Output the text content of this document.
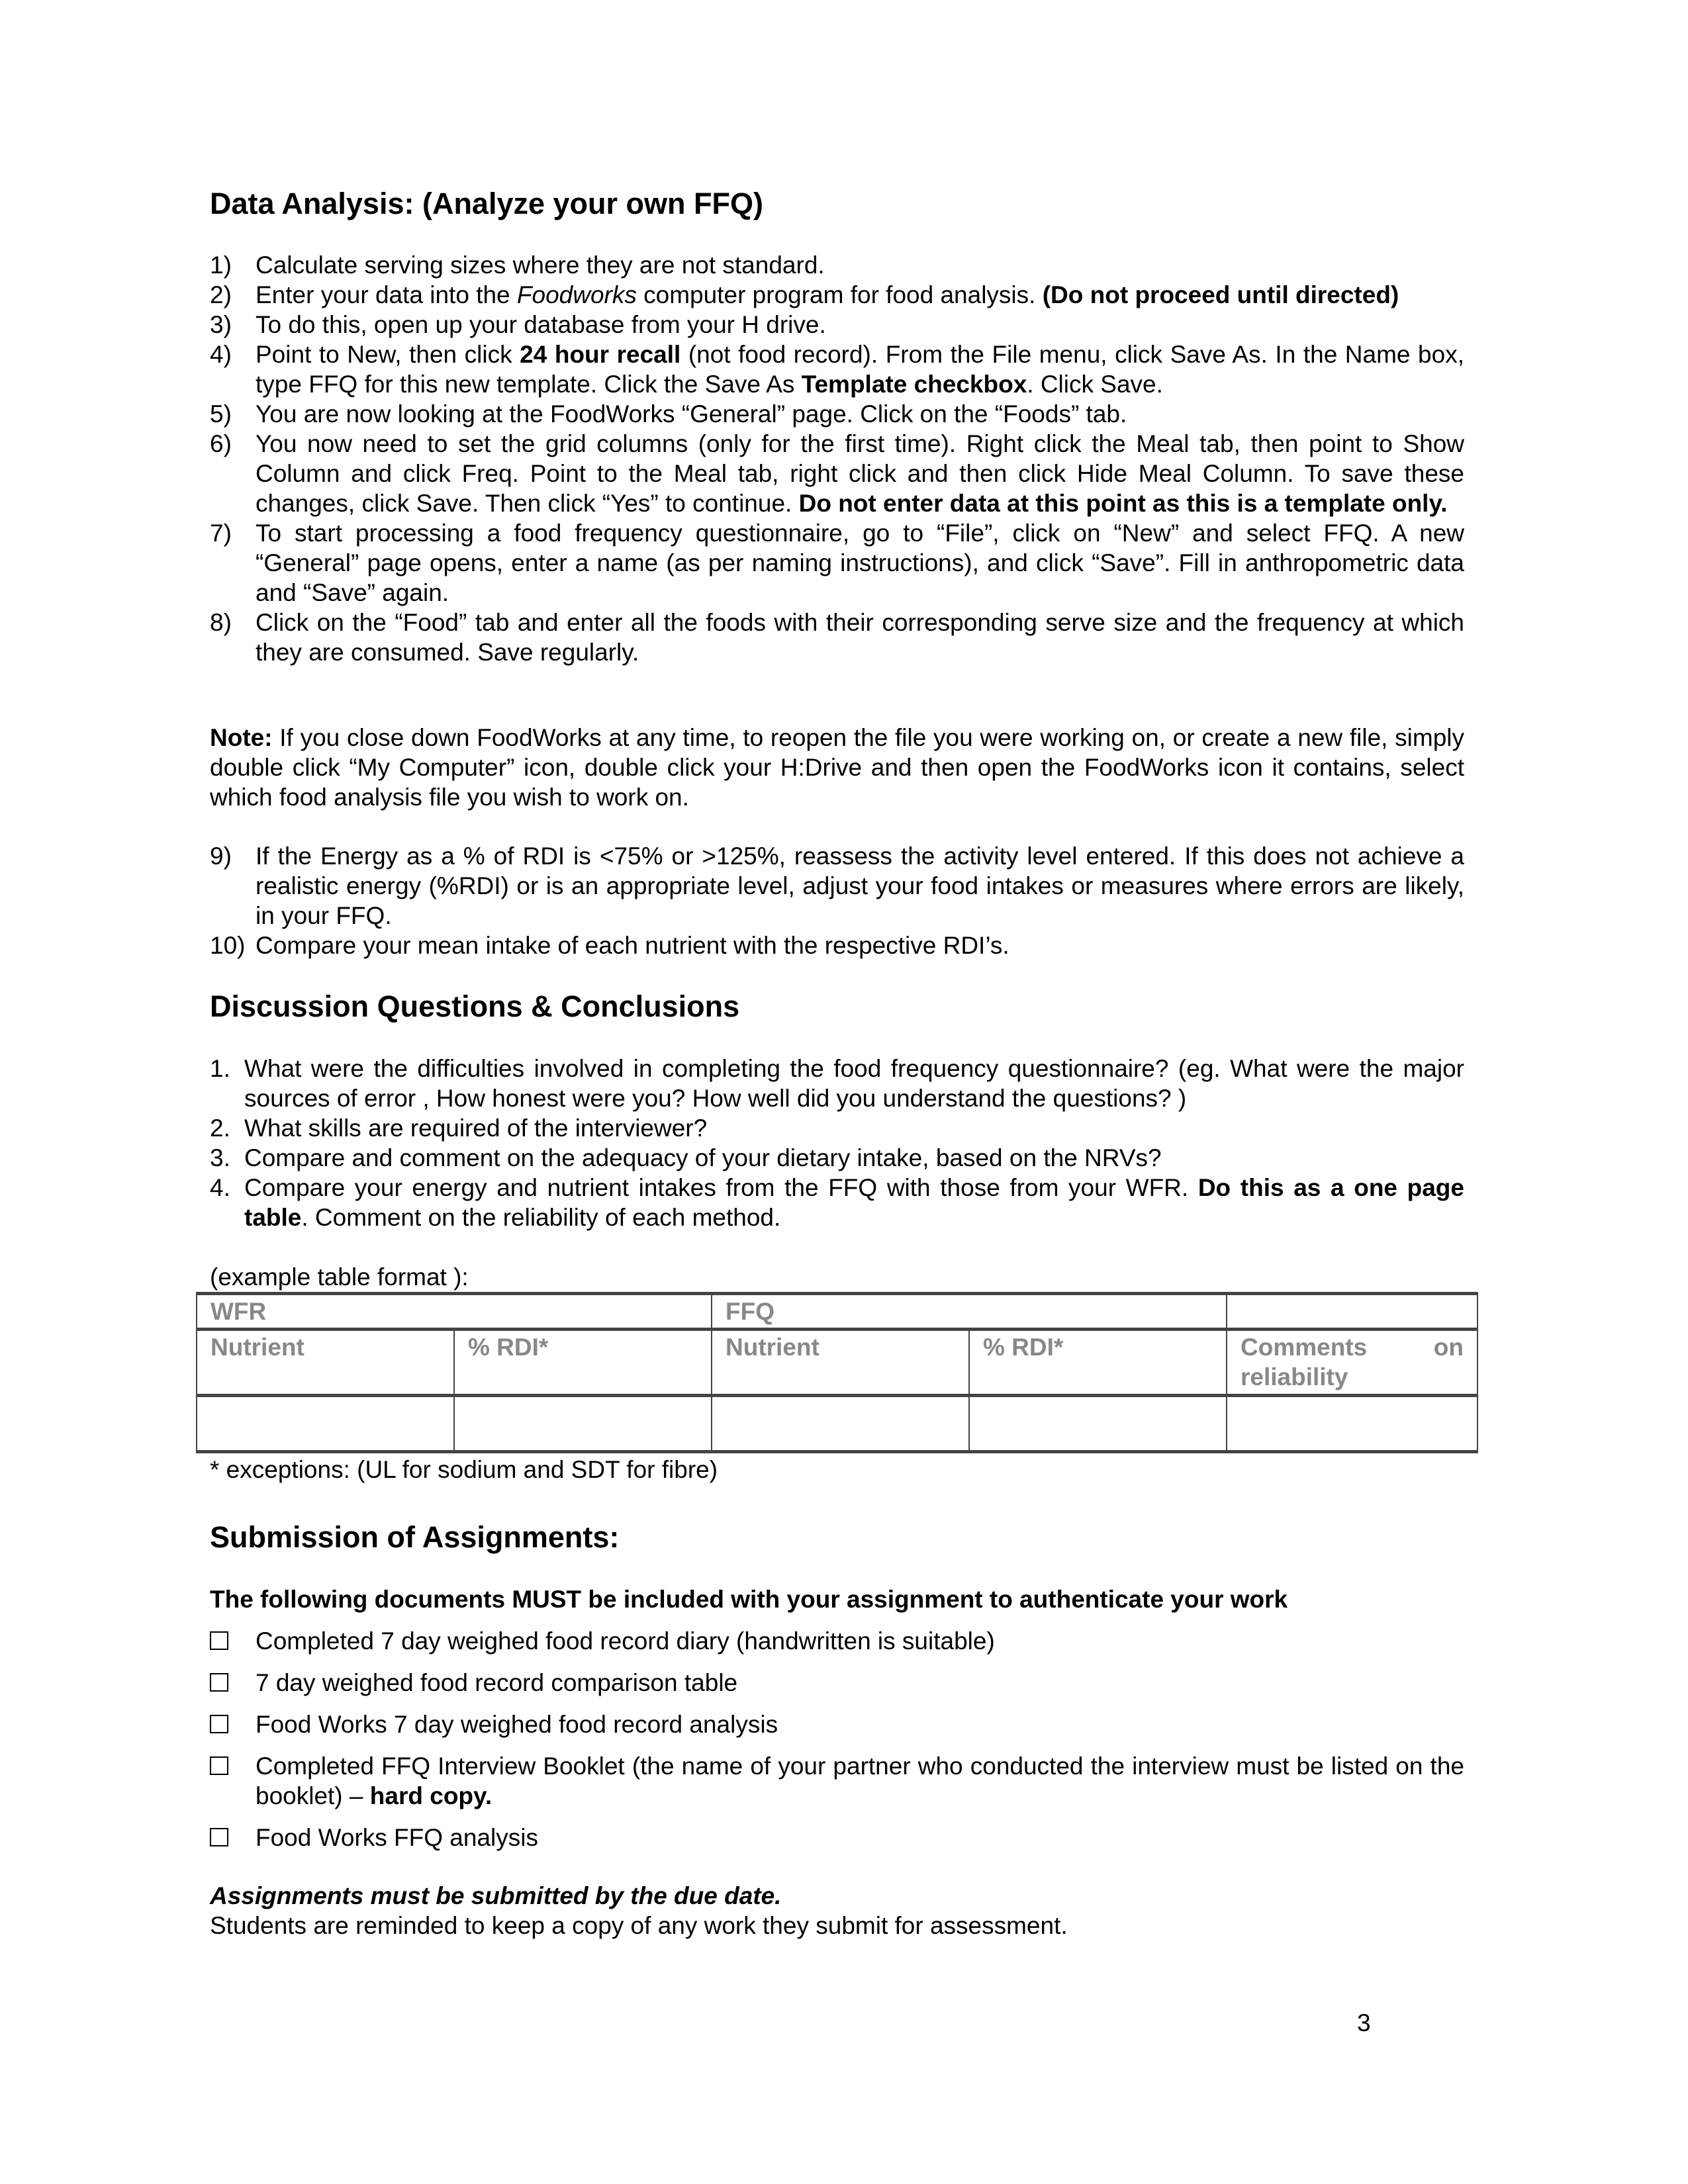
Data Analysis: (Analyze your own FFQ)
1) Calculate serving sizes where they are not standard.
2) Enter your data into the Foodworks computer program for food analysis. (Do not proceed until directed)
3) To do this, open up your database from your H drive.
4) Point to New, then click 24 hour recall (not food record). From the File menu, click Save As. In the Name box, type FFQ for this new template. Click the Save As Template checkbox. Click Save.
5) You are now looking at the FoodWorks “General” page. Click on the “Foods” tab.
6) You now need to set the grid columns (only for the first time). Right click the Meal tab, then point to Show Column and click Freq. Point to the Meal tab, right click and then click Hide Meal Column. To save these changes, click Save. Then click “Yes” to continue. Do not enter data at this point as this is a template only.
7) To start processing a food frequency questionnaire, go to “File”, click on “New” and select FFQ. A new “General” page opens, enter a name (as per naming instructions), and click “Save”. Fill in anthropometric data and “Save” again.
8) Click on the “Food” tab and enter all the foods with their corresponding serve size and the frequency at which they are consumed. Save regularly.

Note: If you close down FoodWorks at any time, to reopen the file you were working on, or create a new file, simply double click “My Computer” icon, double click your H:Drive and then open the FoodWorks icon it contains, select which food analysis file you wish to work on.

9) If the Energy as a % of RDI is <75% or >125%, reassess the activity level entered. If this does not achieve a realistic energy (%RDI) or is an appropriate level, adjust your food intakes or measures where errors are likely, in your FFQ.
10) Compare your mean intake of each nutrient with the respective RDI’s.
Discussion Questions & Conclusions
1. What were the difficulties involved in completing the food frequency questionnaire? (eg. What were the major sources of error , How honest were you? How well did you understand the questions? )
2. What skills are required of the interviewer?
3. Compare and comment on the adequacy of your dietary intake, based on the NRVs?
4. Compare your energy and nutrient intakes from the FFQ with those from your WFR. Do this as a one page table. Comment on the reliability of each method.
(example table format ):
WFR		FFQ		
Nutrient	% RDI*	Nutrient	% RDI*	Comments on
reliability

* exceptions: (UL for sodium and SDT for fibre)
Submission of Assignments:
The following documents MUST be included with your assignment to authenticate your work
Completed 7 day weighed food record diary (handwritten is suitable)
7 day weighed food record comparison table
Food Works 7 day weighed food record analysis
Completed FFQ Interview Booklet (the name of your partner who conducted the interview must be listed on the booklet) – hard copy.
Food Works FFQ analysis
Assignments must be submitted by the due date.
Students are reminded to keep a copy of any work they submit for assessment.
3
